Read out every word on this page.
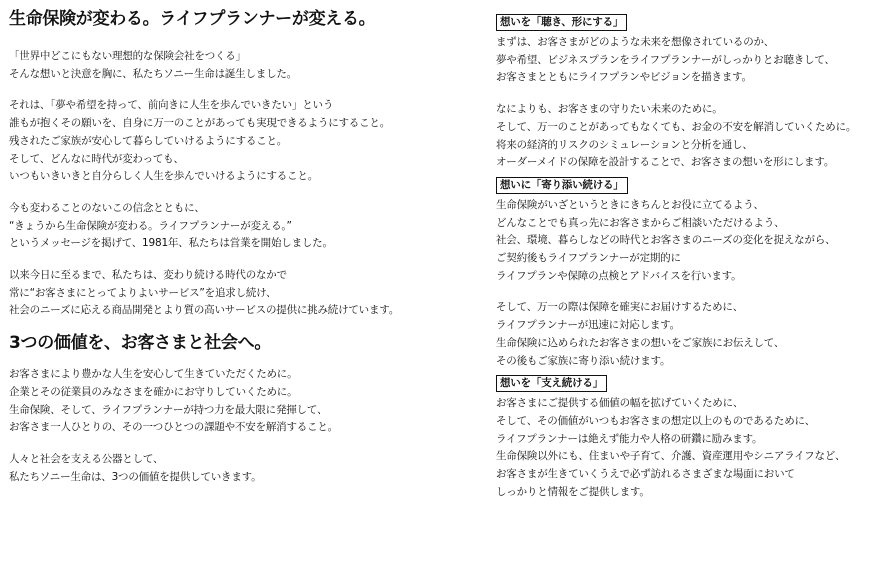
生命保険が変わる。ライフプランナーが変える。
「世界中どこにもない理想的な保険会社をつくる」
そんな想いと決意を胸に、私たちソニー生命は誕生しました。
それは、「夢や希望を持って、前向きに人生を歩んでいきたい」という
誰もが抱くその願いを、自身に万一のことがあっても実現できるようにすること。
残されたご家族が安心して暮らしていけるようにすること。
そして、どんなに時代が変わっても、
いつもいきいきと自分らしく人生を歩んでいけるようにすること。
今も変わることのないこの信念とともに、
“きょうから生命保険が変わる。ライフプランナーが変える。”
というメッセージを掲げて、1981年、私たちは営業を開始しました。
以来今日に至るまで、私たちは、変わり続ける時代のなかで
常に“お客さまにとってよりよいサービス”を追求し続け、
社会のニーズに応える商品開発とより質の高いサービスの提供に挑み続けています。
3つの価値を、お客さまと社会へ。
お客さまにより豊かな人生を安心して生きていただくために。
企業とその従業員のみなさまを確かにお守りしていくために。
生命保険、そして、ライフプランナーが持つ力を最大限に発揮して、
お客さま一人ひとりの、その一つひとつの課題や不安を解消すること。
人々と社会を支える公器として、
私たちソニー生命は、3つの価値を提供していきます。
想いを「聴き、形にする」
まずは、お客さまがどのような未来を想像されているのか、
夢や希望、ビジネスプランをライフプランナーがしっかりとお聴きして、
お客さまとともにライフプランやビジョンを描きます。
なによりも、お客さまの守りたい未来のために。
そして、万一のことがあってもなくても、お金の不安を解消していくために。
将来の経済的リスクのシミュレーションと分析を通し、
オーダーメイドの保障を設計することで、お客さまの想いを形にします。
想いに「寄り添い続ける」
生命保険がいざというときにきちんとお役に立てるよう、
どんなことでも真っ先にお客さまからご相談いただけるよう、
社会、環境、暮らしなどの時代とお客さまのニーズの変化を捉えながら、
ご契約後もライフプランナーが定期的に
ライフプランや保障の点検とアドバイスを行います。
そして、万一の際は保障を確実にお届けするために、
ライフプランナーが迅速に対応します。
生命保険に込められたお客さまの想いをご家族にお伝えして、
その後もご家族に寄り添い続けます。
想いを「支え続ける」
お客さまにご提供する価値の幅を拡げていくために、
そして、その価値がいつもお客さまの想定以上のものであるために、
ライフプランナーは絶えず能力や人格の研鑽に励みます。
生命保険以外にも、住まいや子育て、介護、資産運用やシニアライフなど、
お客さまが生きていくうえで必ず訪れるさまざまな場面において
しっかりと情報をご提供します。
